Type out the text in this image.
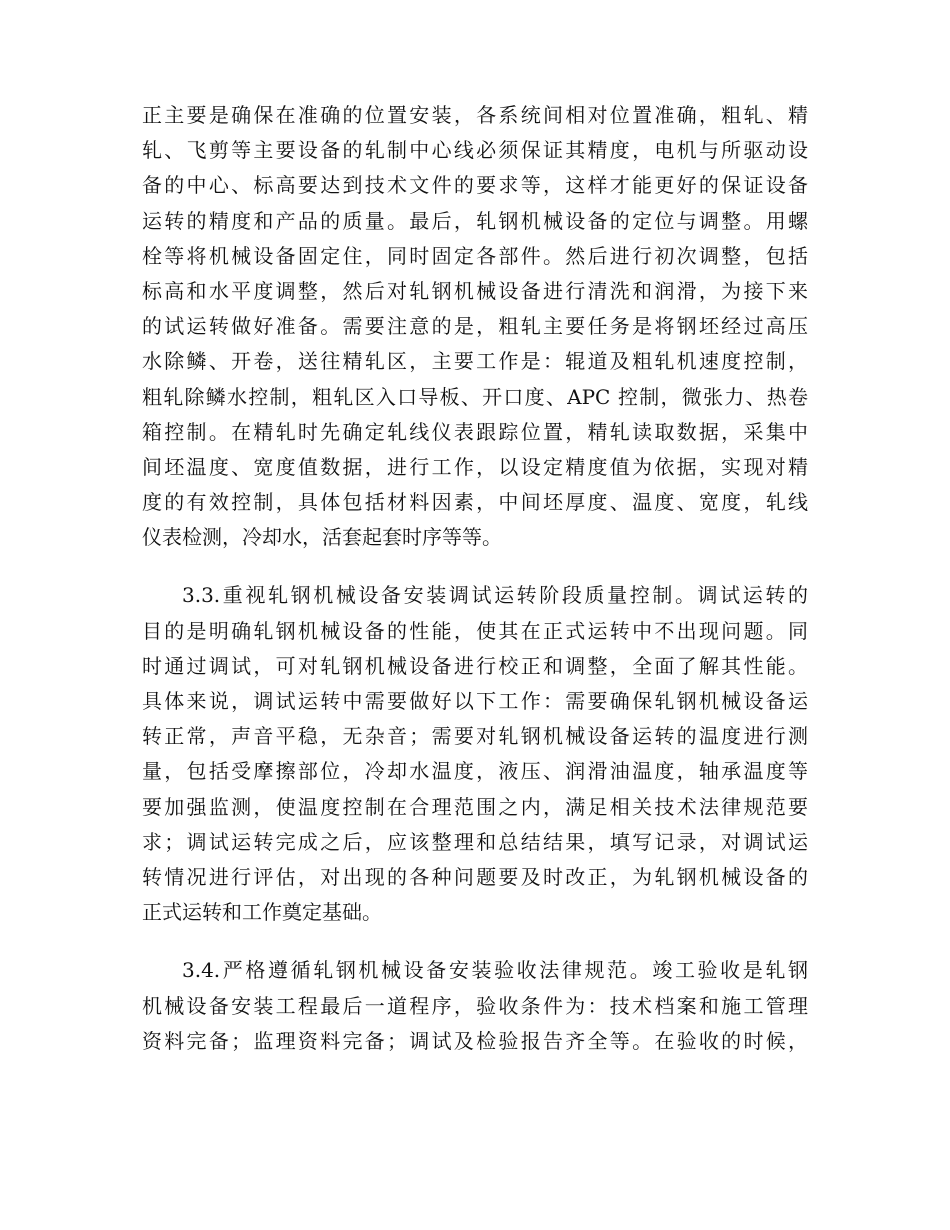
正主要是确保在准确的位置安装，各系统间相对位置准确，粗轧、精
轧、飞剪等主要设备的轧制中心线必须保证其精度，电机与所驱动设
备的中心、标高要达到技术文件的要求等，这样才能更好的保证设备
运转的精度和产品的质量。最后，轧钢机械设备的定位与调整。用螺
栓等将机械设备固定住，同时固定各部件。然后进行初次调整，包括
标高和水平度调整，然后对轧钢机械设备进行清洗和润滑，为接下来
的试运转做好准备。需要注意的是，粗轧主要任务是将钢坯经过高压
水除鳞、开卷，送往精轧区，主要工作是：辊道及粗轧机速度控制，
粗轧除鳞水控制，粗轧区入口导板、开口度、APC 控制，微张力、热卷
箱控制。在精轧时先确定轧线仪表跟踪位置，精轧读取数据，采集中
间坯温度、宽度值数据，进行工作，以设定精度值为依据，实现对精
度的有效控制，具体包括材料因素，中间坯厚度、温度、宽度，轧线
仪表检测，冷却水，活套起套时序等等。
3.3.重视轧钢机械设备安装调试运转阶段质量控制。调试运转的
目的是明确轧钢机械设备的性能，使其在正式运转中不出现问题。同
时通过调试，可对轧钢机械设备进行校正和调整，全面了解其性能。
具体来说，调试运转中需要做好以下工作：需要确保轧钢机械设备运
转正常，声音平稳，无杂音；需要对轧钢机械设备运转的温度进行测
量，包括受摩擦部位，冷却水温度，液压、润滑油温度，轴承温度等
要加强监测，使温度控制在合理范围之内，满足相关技术法律规范要
求；调试运转完成之后，应该整理和总结结果，填写记录，对调试运
转情况进行评估，对出现的各种问题要及时改正，为轧钢机械设备的
正式运转和工作奠定基础。
3.4.严格遵循轧钢机械设备安装验收法律规范。竣工验收是轧钢
机械设备安装工程最后一道程序，验收条件为：技术档案和施工管理
资料完备；监理资料完备；调试及检验报告齐全等。在验收的时候，
